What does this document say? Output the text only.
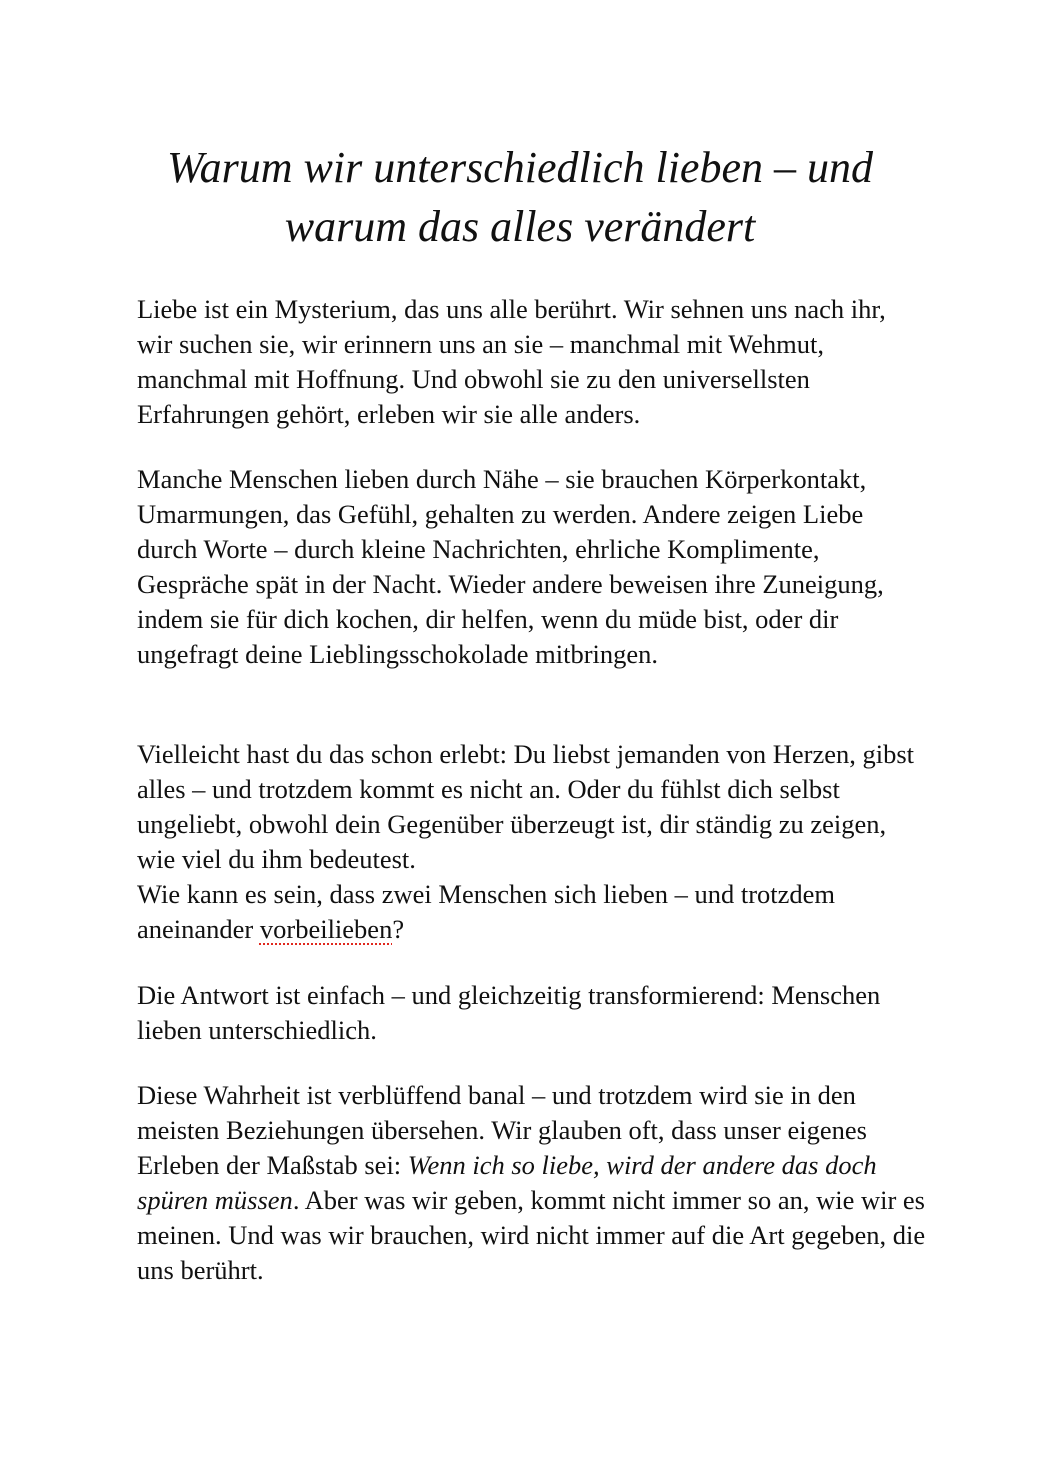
Warum wir unterschiedlich lieben – und
warum das alles verändert

Liebe ist ein Mysterium, das uns alle berührt. Wir sehnen uns nach ihr, wir suchen sie, wir erinnern uns an sie – manchmal mit Wehmut, manchmal mit Hoffnung. Und obwohl sie zu den universellsten Erfahrungen gehört, erleben wir sie alle anders.

Manche Menschen lieben durch Nähe – sie brauchen Körperkontakt, Umarmungen, das Gefühl, gehalten zu werden. Andere zeigen Liebe durch Worte – durch kleine Nachrichten, ehrliche Komplimente, Gespräche spät in der Nacht. Wieder andere beweisen ihre Zuneigung, indem sie für dich kochen, dir helfen, wenn du müde bist, oder dir ungefragt deine Lieblingsschokolade mitbringen.

Vielleicht hast du das schon erlebt: Du liebst jemanden von Herzen, gibst alles – und trotzdem kommt es nicht an. Oder du fühlst dich selbst ungeliebt, obwohl dein Gegenüber überzeugt ist, dir ständig zu zeigen, wie viel du ihm bedeutest.
Wie kann es sein, dass zwei Menschen sich lieben – und trotzdem aneinander vorbeilieben?

Die Antwort ist einfach – und gleichzeitig transformierend: Menschen lieben unterschiedlich.

Diese Wahrheit ist verblüffend banal – und trotzdem wird sie in den meisten Beziehungen übersehen. Wir glauben oft, dass unser eigenes Erleben der Maßstab sei: Wenn ich so liebe, wird der andere das doch spüren müssen. Aber was wir geben, kommt nicht immer so an, wie wir es meinen. Und was wir brauchen, wird nicht immer auf die Art gegeben, die uns berührt.
